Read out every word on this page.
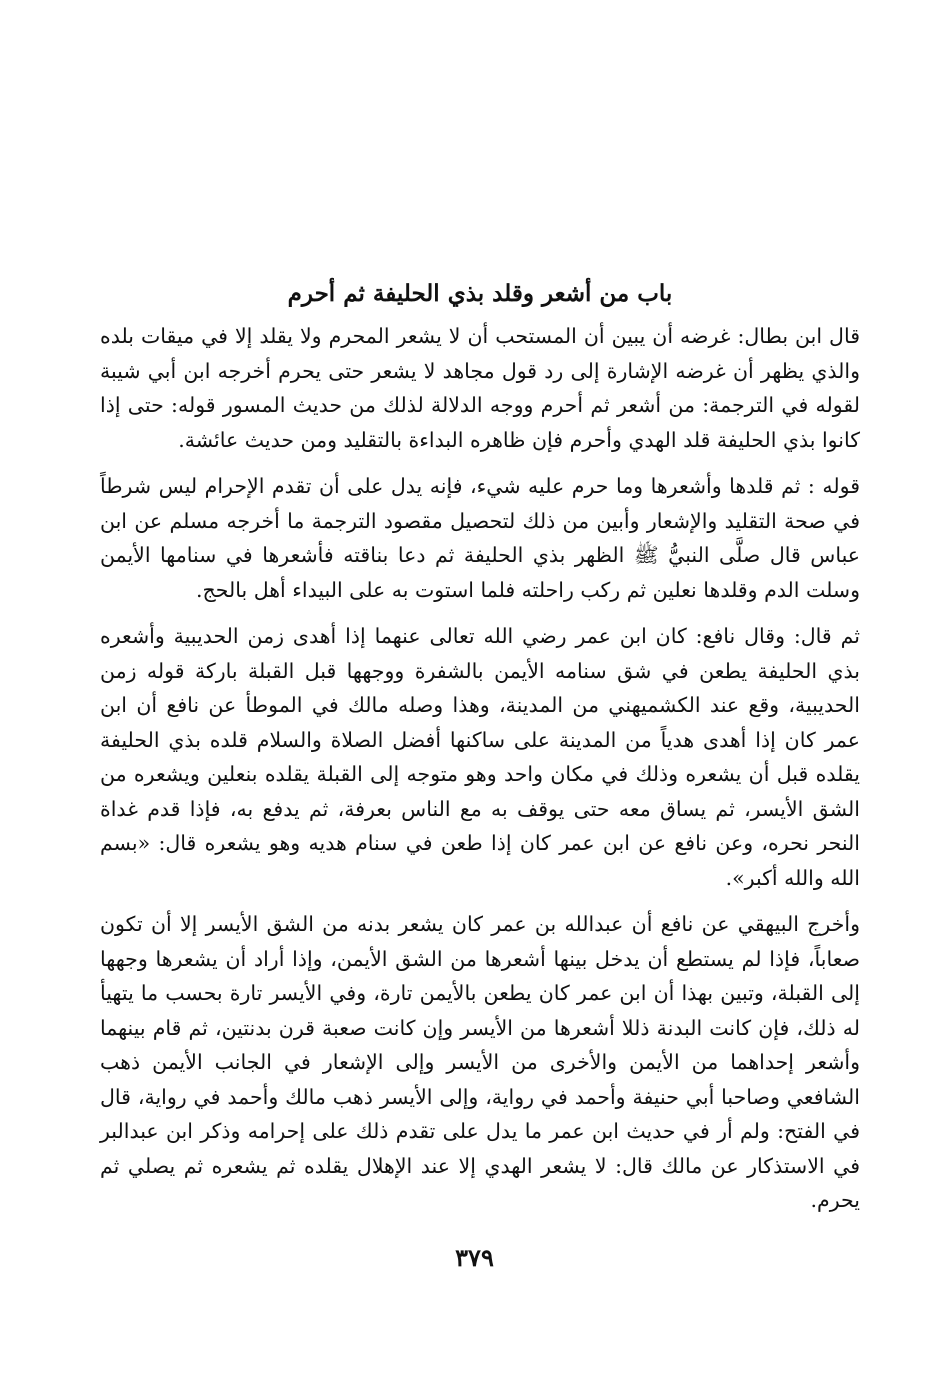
باب من أشعر وقلد بذي الحليفة ثم أحرم

قال ابن بطال: غرضه أن يبين أن المستحب أن لا يشعر المحرم ولا يقلد إلا في ميقات بلده والذي يظهر أن غرضه الإشارة إلى رد قول مجاهد لا يشعر حتى يحرم أخرجه ابن أبي شيبة لقوله في الترجمة: من أشعر ثم أحرم ووجه الدلالة لذلك من حديث المسور قوله: حتى إذا كانوا بذي الحليفة قلد الهدي وأحرم فإن ظاهره البداءة بالتقليد ومن حديث عائشة.

قوله : ثم قلدها وأشعرها وما حرم عليه شيء، فإنه يدل على أن تقدم الإحرام ليس شرطاً في صحة التقليد والإشعار وأبين من ذلك لتحصيل مقصود الترجمة ما أخرجه مسلم عن ابن عباس قال صلَّى النبيُّ ﷺ الظهر بذي الحليفة ثم دعا بناقته فأشعرها في سنامها الأيمن وسلت الدم وقلدها نعلين ثم ركب راحلته فلما استوت به على البيداء أهل بالحج.

ثم قال: وقال نافع: كان ابن عمر رضي الله تعالى عنهما إذا أهدى زمن الحديبية وأشعره بذي الحليفة يطعن في شق سنامه الأيمن بالشفرة ووجهها قبل القبلة باركة قوله زمن الحديبية، وقع عند الكشميهني من المدينة، وهذا وصله مالك في الموطأ عن نافع أن ابن عمر كان إذا أهدى هدياً من المدينة على ساكنها أفضل الصلاة والسلام قلده بذي الحليفة يقلده قبل أن يشعره وذلك في مكان واحد وهو متوجه إلى القبلة يقلده بنعلين ويشعره من الشق الأيسر، ثم يساق معه حتى يوقف به مع الناس بعرفة، ثم يدفع به، فإذا قدم غداة النحر نحره، وعن نافع عن ابن عمر كان إذا طعن في سنام هديه وهو يشعره قال: «بسم الله والله أكبر».

وأخرج البيهقي عن نافع أن عبدالله بن عمر كان يشعر بدنه من الشق الأيسر إلا أن تكون صعاباً، فإذا لم يستطع أن يدخل بينها أشعرها من الشق الأيمن، وإذا أراد أن يشعرها وجهها إلى القبلة، وتبين بهذا أن ابن عمر كان يطعن بالأيمن تارة، وفي الأيسر تارة بحسب ما يتهيأ له ذلك، فإن كانت البدنة ذللا أشعرها من الأيسر وإن كانت صعبة قرن بدنتين، ثم قام بينهما وأشعر إحداهما من الأيمن والأخرى من الأيسر وإلى الإشعار في الجانب الأيمن ذهب الشافعي وصاحبا أبي حنيفة وأحمد في رواية، وإلى الأيسر ذهب مالك وأحمد في رواية، قال في الفتح: ولم أر في حديث ابن عمر ما يدل على تقدم ذلك على إحرامه وذكر ابن عبدالبر في الاستذكار عن مالك قال: لا يشعر الهدي إلا عند الإهلال يقلده ثم يشعره ثم يصلي ثم يحرم.

٣٧٩
